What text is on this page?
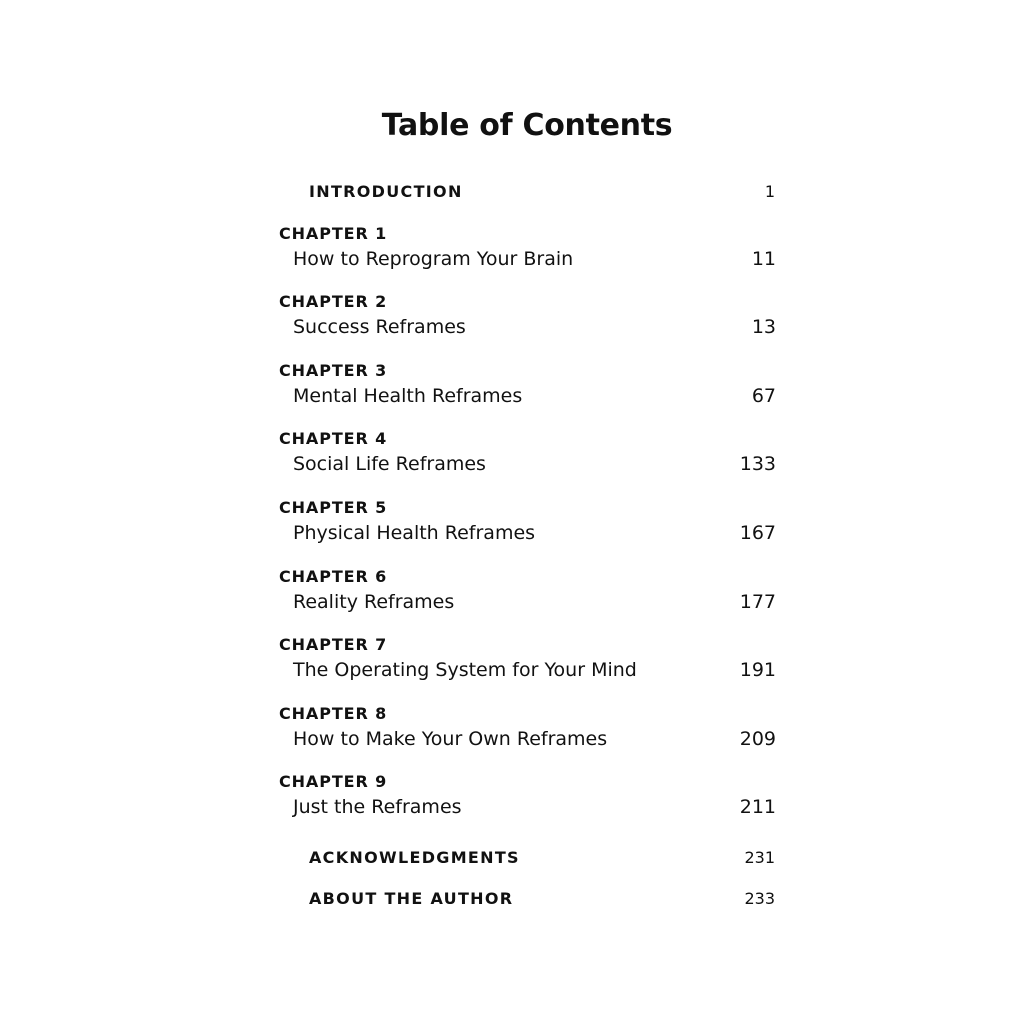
Table of Contents
INTRODUCTION	1
CHAPTER 1
How to Reprogram Your Brain	11
CHAPTER 2
Success Reframes	13
CHAPTER 3
Mental Health Reframes	67
CHAPTER 4
Social Life Reframes	133
CHAPTER 5
Physical Health Reframes	167
CHAPTER 6
Reality Reframes	177
CHAPTER 7
The Operating System for Your Mind	191
CHAPTER 8
How to Make Your Own Reframes	209
CHAPTER 9
Just the Reframes	211
ACKNOWLEDGMENTS	231
ABOUT THE AUTHOR	233
